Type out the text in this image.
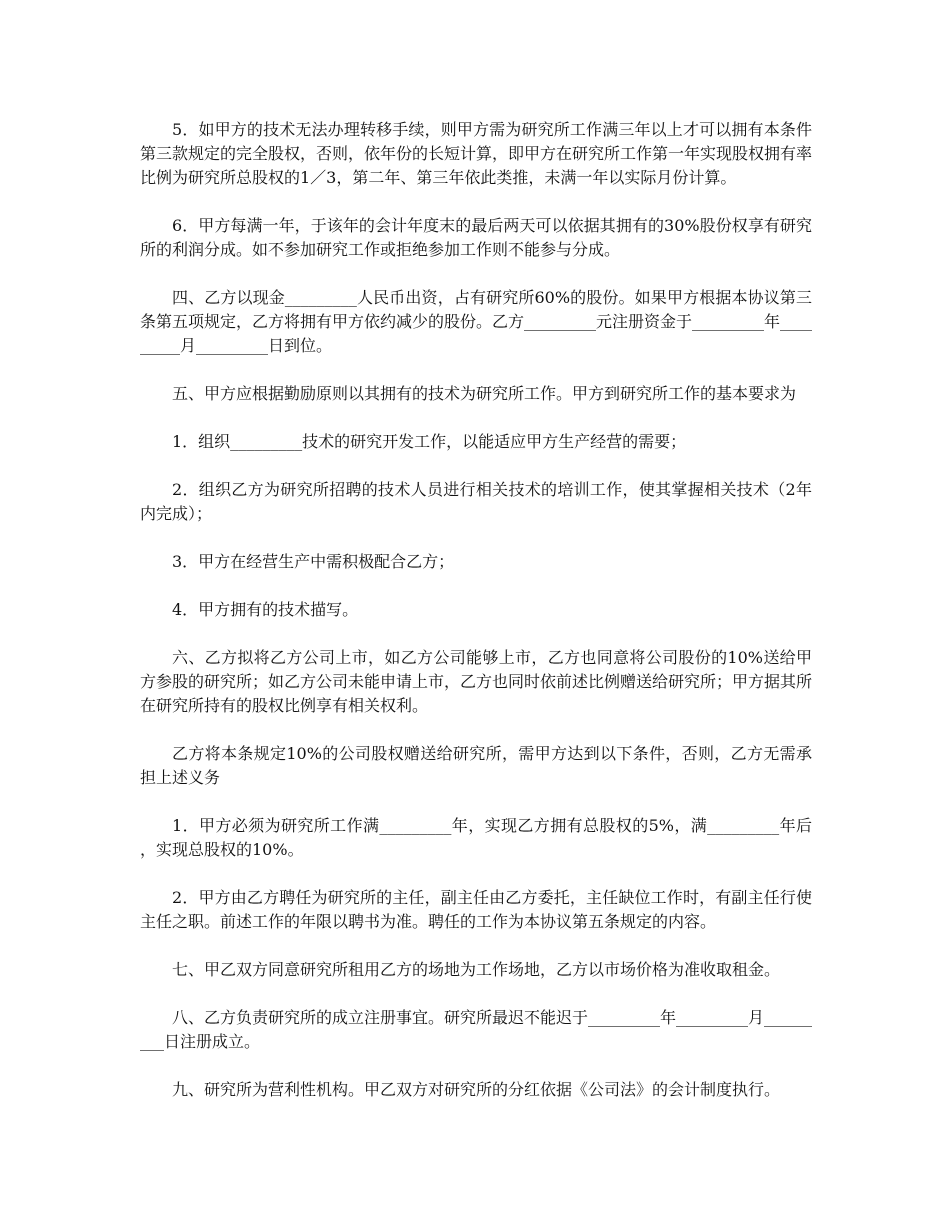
5．如甲方的技术无法办理转移手续，则甲方需为研究所工作满三年以上才可以拥有本条件第三款规定的完全股权，否则，依年份的长短计算，即甲方在研究所工作第一年实现股权拥有率比例为研究所总股权的1／3，第二年、第三年依此类推，未满一年以实际月份计算。

6．甲方每满一年，于该年的会计年度末的最后两天可以依据其拥有的30%股份权享有研究所的利润分成。如不参加研究工作或拒绝参加工作则不能参与分成。

四、乙方以现金_________人民币出资，占有研究所60%的股份。如果甲方根据本协议第三条第五项规定，乙方将拥有甲方依约减少的股份。乙方_________元注册资金于_________年_________月_________日到位。

五、甲方应根据勤励原则以其拥有的技术为研究所工作。甲方到研究所工作的基本要求为

1．组织_________技术的研究开发工作，以能适应甲方生产经营的需要；

2．组织乙方为研究所招聘的技术人员进行相关技术的培训工作，使其掌握相关技术（2年内完成）；

3．甲方在经营生产中需积极配合乙方；

4．甲方拥有的技术描写。

六、乙方拟将乙方公司上市，如乙方公司能够上市，乙方也同意将公司股份的10%送给甲方参股的研究所；如乙方公司未能申请上市，乙方也同时依前述比例赠送给研究所；甲方据其所在研究所持有的股权比例享有相关权利。

乙方将本条规定10%的公司股权赠送给研究所，需甲方达到以下条件，否则，乙方无需承担上述义务

1．甲方必须为研究所工作满_________年，实现乙方拥有总股权的5%，满_________年后，实现总股权的10%。

2．甲方由乙方聘任为研究所的主任，副主任由乙方委托，主任缺位工作时，有副主任行使主任之职。前述工作的年限以聘书为准。聘任的工作为本协议第五条规定的内容。

七、甲乙双方同意研究所租用乙方的场地为工作场地，乙方以市场价格为准收取租金。

八、乙方负责研究所的成立注册事宜。研究所最迟不能迟于_________年_________月_________日注册成立。

九、研究所为营利性机构。甲乙双方对研究所的分红依据《公司法》的会计制度执行。
